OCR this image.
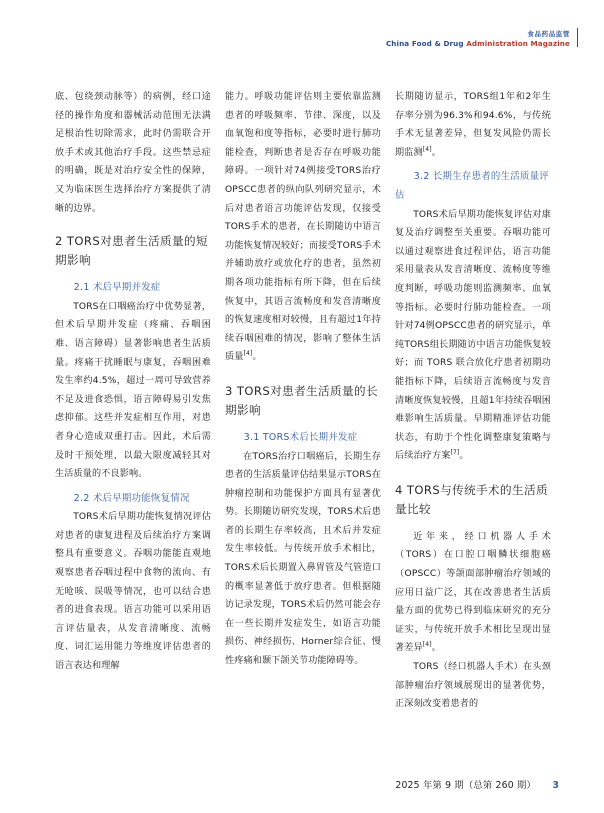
食品药品监管
China Food & Drug Administration Magazine

底、包绕颈动脉等）的病例，经口途径的操作角度和器械活动范围无法满足根治性切除需求，此时仍需联合开放手术或其他治疗手段。这些禁忌症的明确，既是对治疗安全性的保障，又为临床医生选择治疗方案提供了清晰的边界。

2 TORS对患者生活质量的短期影响
2.1 术后早期并发症

TORS在口咽癌治疗中优势显著，但术后早期并发症（疼痛、吞咽困难、语言障碍）显著影响患者生活质量。疼痛干扰睡眠与康复，吞咽困难发生率约4.5%，超过一周可导致营养不足及进食恐惧，语言障碍易引发焦虑抑郁。这些并发症相互作用，对患者身心造成双重打击。因此，术后需及时干预处理，以最大限度减轻其对生活质量的不良影响。

2.2 术后早期功能恢复情况

TORS术后早期功能恢复情况评估对患者的康复进程及后续治疗方案调整具有重要意义。吞咽功能能直观地观察患者吞咽过程中食物的流向、有无呛咳、误吸等情况，也可以结合患者的进食表现。语言功能可以采用语言评估量表，从发音清晰度、流畅度、词汇运用能力等维度评估患者的语言表达和理解

能力。呼吸功能评估则主要依靠监测患者的呼吸频率、节律、深度，以及血氧饱和度等指标，必要时进行肺功能检查，判断患者是否存在呼吸功能障碍。一项针对74例接受TORS治疗OPSCC患者的纵向队列研究显示，术后对患者语言功能评估发现，仅接受TORS手术的患者，在长期随访中语言功能恢复情况较好；而接受TORS手术并辅助放疗或放化疗的患者，虽然初期各项功能指标有所下降，但在后续恢复中，其语言流畅度和发音清晰度的恢复速度相对较慢，且有超过1年持续吞咽困难的情况，影响了整体生活质量[4]。

3 TORS对患者生活质量的长期影响
3.1 TORS术后长期并发症

在TORS治疗口咽癌后，长期生存患者的生活质量评估结果显示TORS在肿瘤控制和功能保护方面具有显著优势。长期随访研究发现，TORS术后患者的长期生存率较高，且术后并发症发生率较低。与传统开放手术相比，TORS术后长期置入鼻胃管及气管造口的概率显著低于放疗患者。但根据随访记录发现，TORS术后仍然可能会存在一些长期并发症发生，如语言功能损伤、神经损伤、Horner综合征、慢性疼痛和颞下颌关节功能障碍等。

长期随访显示，TORS组1年和2年生存率分别为96.3%和94.6%，与传统手术无显著差异，但复发风险仍需长期监测[4]。

3.2 长期生存患者的生活质量评估

TORS术后早期功能恢复评估对康复及治疗调整至关重要。吞咽功能可以通过观察进食过程评估，语言功能采用量表从发音清晰度、流畅度等维度判断，呼吸功能则监测频率、血氧等指标。必要时行肺功能检查。一项针对74例OPSCC患者的研究显示，单纯TORS组长期随访中语言功能恢复较好；而 TORS 联合放化疗患者初期功能指标下降，后续语言流畅度与发音清晰度恢复较慢，且超1年持续吞咽困难影响生活质量。早期精准评估功能状态，有助于个性化调整康复策略与后续治疗方案[7]。

4 TORS与传统手术的生活质量比较

近年来，经口机器人手术（TORS）在口腔口咽鳞状细胞癌（OPSCC）等颌面部肿瘤治疗领域的应用日益广泛，其在改善患者生活质量方面的优势已得到临床研究的充分证实，与传统开放手术相比呈现出显著差异[4]。

TORS（经口机器人手术）在头颈部肿瘤治疗领域展现出的显著优势，正深刻改变着患者的

2025 年第 9 期（总第 260 期） 3
